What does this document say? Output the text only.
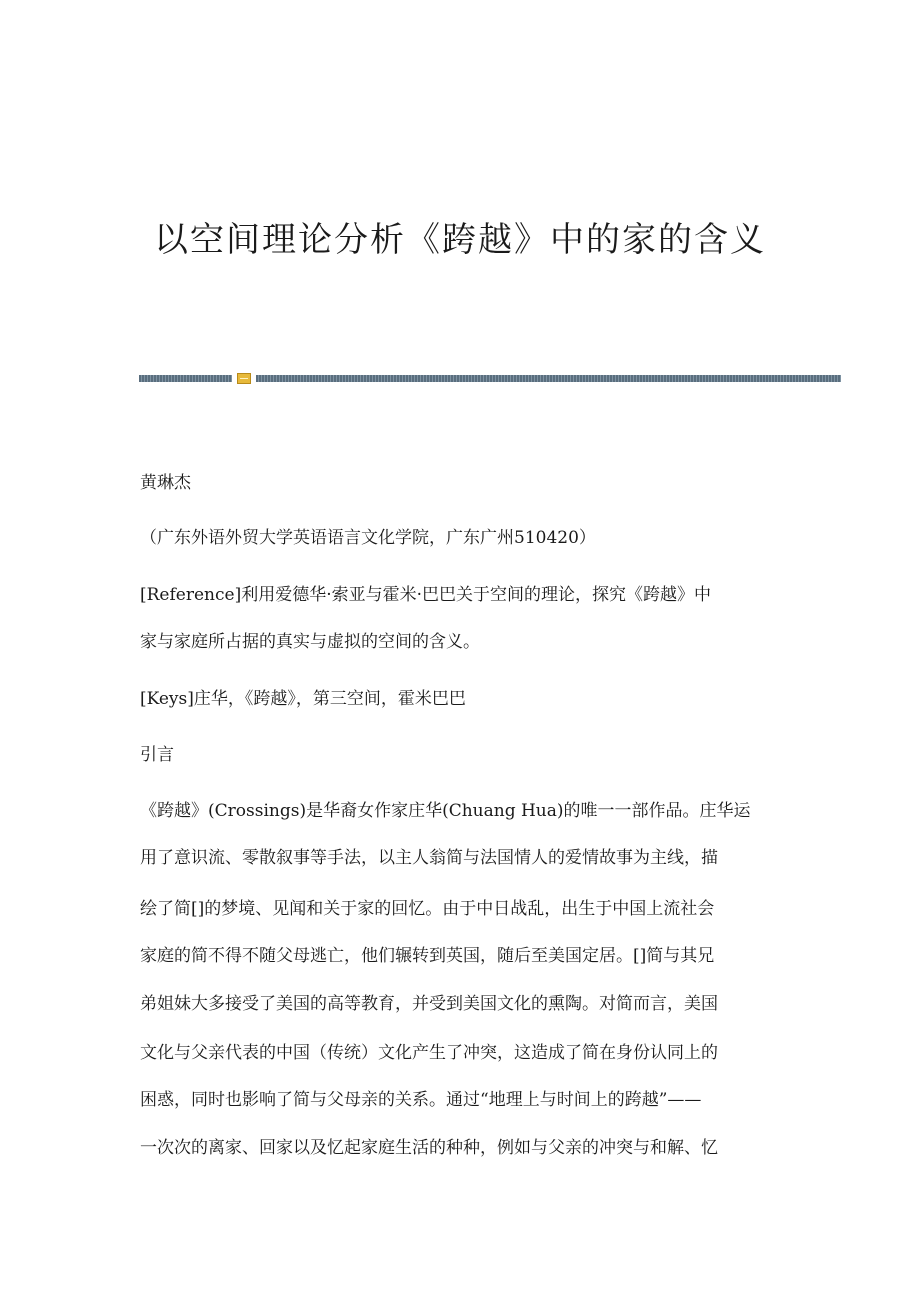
以空间理论分析《跨越》中的家的含义
黄琳杰
（广东外语外贸大学英语语言文化学院，广东广州510420）
[Reference]利用爱德华·索亚与霍米·巴巴关于空间的理论，探究《跨越》中
家与家庭所占据的真实与虚拟的空间的含义。
[Keys]庄华，《跨越》，第三空间，霍米巴巴
引言
《跨越》(Crossings)是华裔女作家庄华(Chuang Hua)的唯一一部作品。庄华运
用了意识流、零散叙事等手法，以主人翁简与法国情人的爱情故事为主线，描
绘了简[]的梦境、见闻和关于家的回忆。由于中日战乱，出生于中国上流社会
家庭的简不得不随父母逃亡，他们辗转到英国，随后至美国定居。[]简与其兄
弟姐妹大多接受了美国的高等教育，并受到美国文化的熏陶。对简而言，美国
文化与父亲代表的中国（传统）文化产生了冲突，这造成了简在身份认同上的
困惑，同时也影响了简与父母亲的关系。通过“地理上与时间上的跨越”——
一次次的离家、回家以及忆起家庭生活的种种，例如与父亲的冲突与和解、忆
